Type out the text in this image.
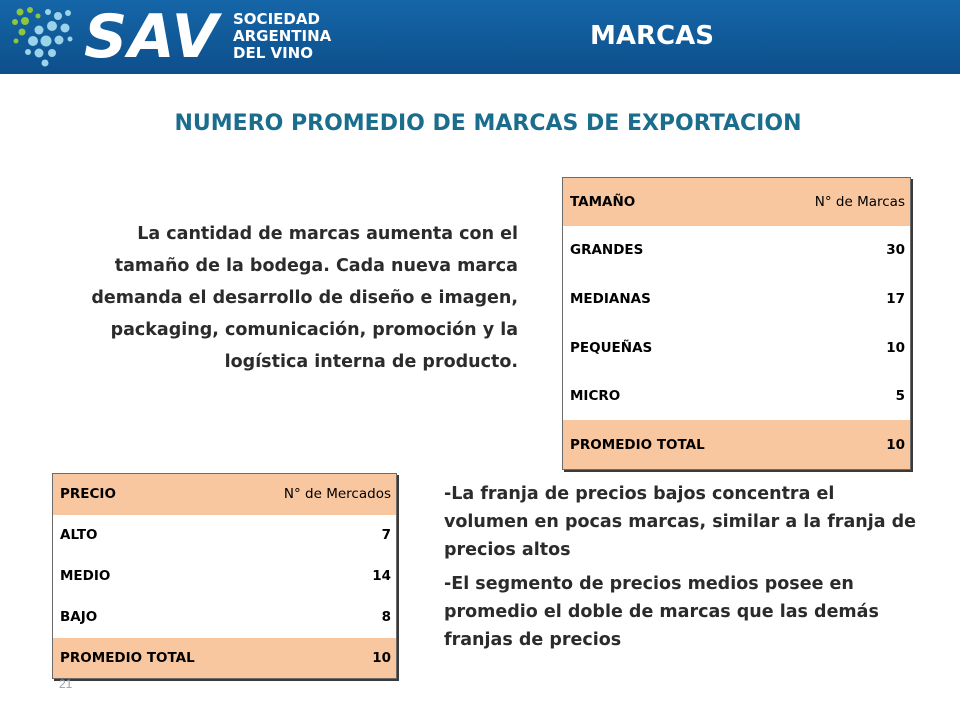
SAV SOCIEDAD
ARGENTINA
DEL VINO
MARCAS
NUMERO PROMEDIO DE MARCAS DE EXPORTACION
La cantidad de marcas aumenta con el tamaño de la bodega. Cada nueva marca demanda el desarrollo de diseño e imagen, packaging, comunicación, promoción y la logística interna de producto.
TAMAÑO	N° de Marcas
GRANDES	30
MEDIANAS	17
PEQUEÑAS	10
MICRO	5
PROMEDIO TOTAL	10
PRECIO	N° de Mercados
ALTO	7
MEDIO	14
BAJO	8
PROMEDIO TOTAL	10

-La franja de precios bajos concentra el volumen en pocas marcas, similar a la franja de precios altos

-El segmento de precios medios posee en promedio el doble de marcas que las demás franjas de precios

21
